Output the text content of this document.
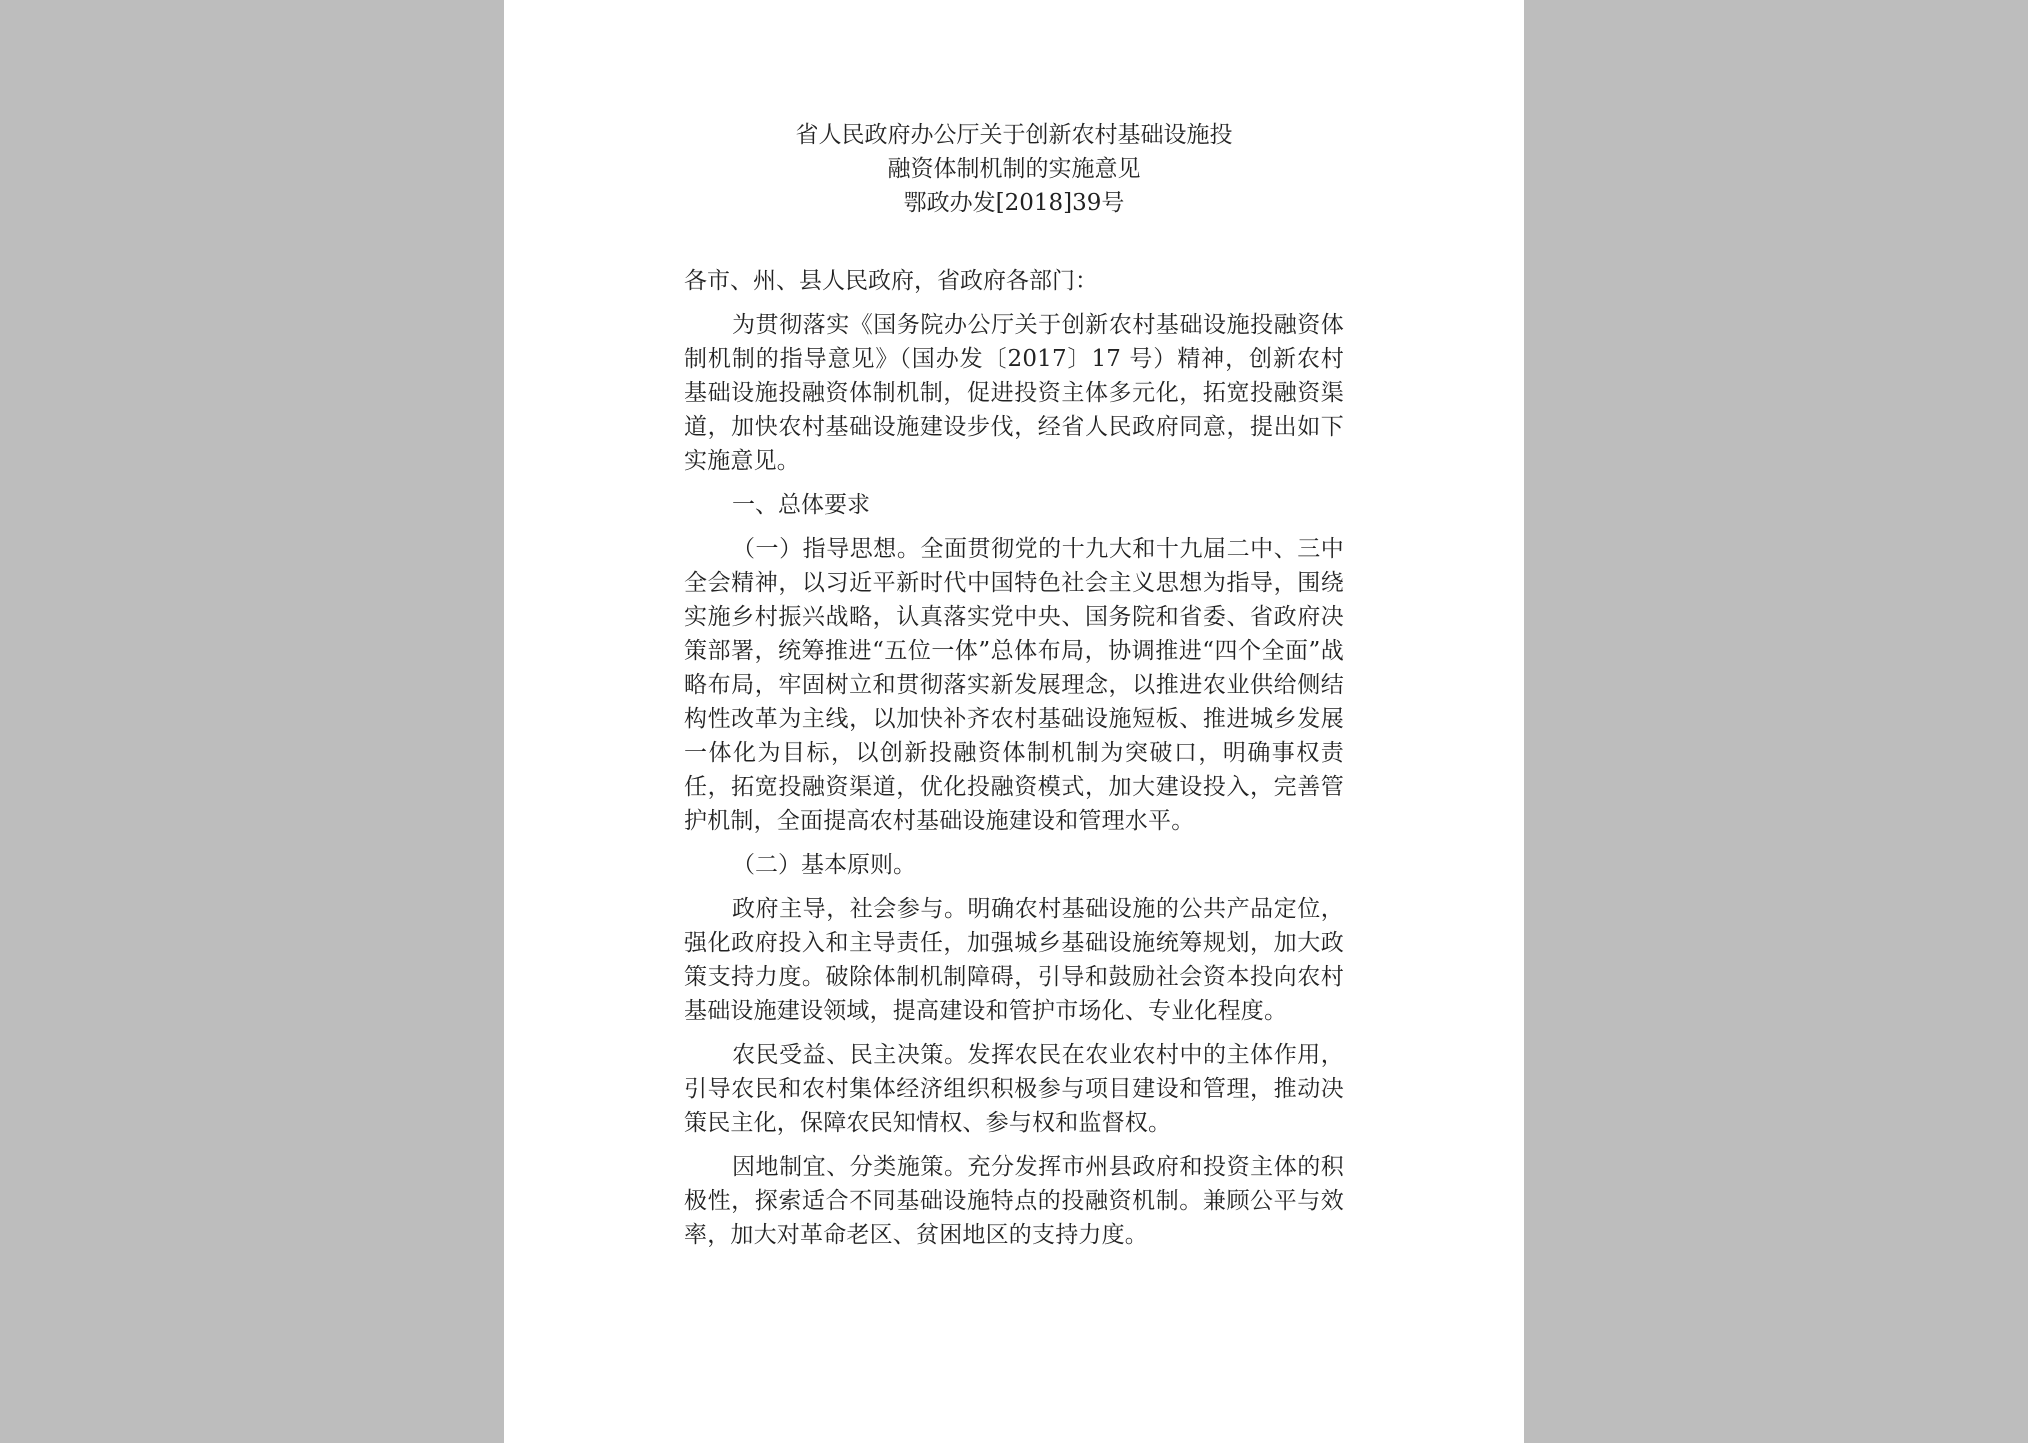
省人民政府办公厅关于创新农村基础设施投
融资体制机制的实施意见
鄂政办发[2018]39号

各市、州、县人民政府，省政府各部门：

为贯彻落实《国务院办公厅关于创新农村基础设施投融资体制机制的指导意见》（国办发〔2017〕17 号）精神，创新农村基础设施投融资体制机制，促进投资主体多元化，拓宽投融资渠道，加快农村基础设施建设步伐，经省人民政府同意，提出如下实施意见。

一、总体要求

（一）指导思想。全面贯彻党的十九大和十九届二中、三中全会精神，以习近平新时代中国特色社会主义思想为指导，围绕实施乡村振兴战略，认真落实党中央、国务院和省委、省政府决策部署，统筹推进“五位一体”总体布局，协调推进“四个全面”战略布局，牢固树立和贯彻落实新发展理念，以推进农业供给侧结构性改革为主线，以加快补齐农村基础设施短板、推进城乡发展一体化为目标，以创新投融资体制机制为突破口，明确事权责任，拓宽投融资渠道，优化投融资模式，加大建设投入，完善管护机制，全面提高农村基础设施建设和管理水平。

（二）基本原则。

政府主导，社会参与。明确农村基础设施的公共产品定位，强化政府投入和主导责任，加强城乡基础设施统筹规划，加大政策支持力度。破除体制机制障碍，引导和鼓励社会资本投向农村基础设施建设领域，提高建设和管护市场化、专业化程度。

农民受益、民主决策。发挥农民在农业农村中的主体作用，引导农民和农村集体经济组织积极参与项目建设和管理，推动决策民主化，保障农民知情权、参与权和监督权。

因地制宜、分类施策。充分发挥市州县政府和投资主体的积极性，探索适合不同基础设施特点的投融资机制。兼顾公平与效率，加大对革命老区、贫困地区的支持力度。
